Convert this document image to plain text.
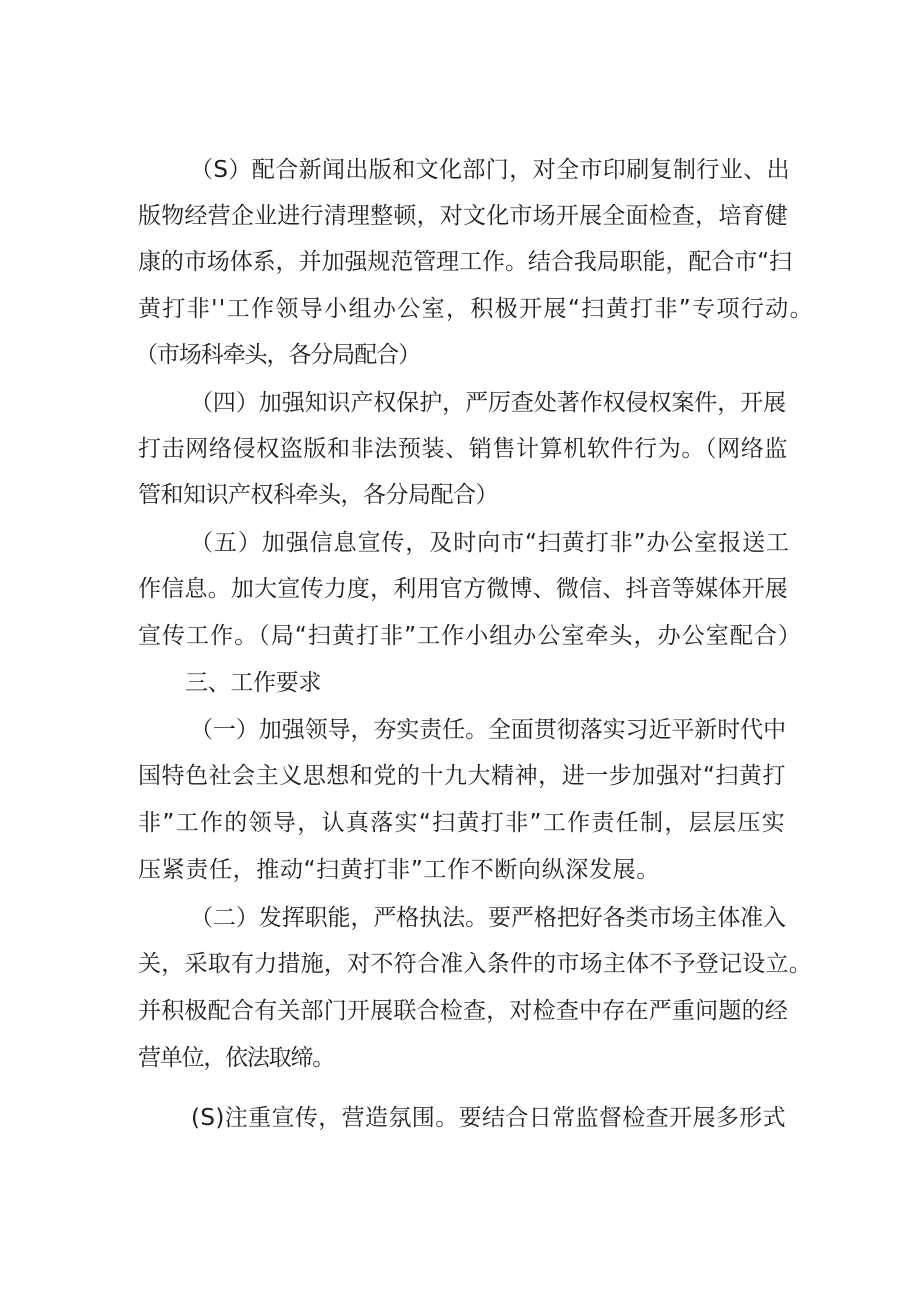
（S）配合新闻出版和文化部门，对全市印刷复制行业、出
版物经营企业进行清理整顿，对文化市场开展全面检查，培育健
康的市场体系，并加强规范管理工作。结合我局职能，配合市“扫
黄打非''工作领导小组办公室，积极开展“扫黄打非”专项行动。
（市场科牵头，各分局配合）
（四）加强知识产权保护，严厉查处著作权侵权案件，开展
打击网络侵权盗版和非法预装、销售计算机软件行为。（网络监
管和知识产权科牵头，各分局配合）
（五）加强信息宣传，及时向市“扫黄打非”办公室报送工
作信息。加大宣传力度，利用官方微博、微信、抖音等媒体开展
宣传工作。（局“扫黄打非”工作小组办公室牵头，办公室配合）
三、工作要求
（一）加强领导，夯实责任。全面贯彻落实习近平新时代中
国特色社会主义思想和党的十九大精神，进一步加强对“扫黄打
非”工作的领导，认真落实“扫黄打非”工作责任制，层层压实
压紧责任，推动“扫黄打非”工作不断向纵深发展。
（二）发挥职能，严格执法。要严格把好各类市场主体准入
关，采取有力措施，对不符合准入条件的市场主体不予登记设立。
并积极配合有关部门开展联合检查，对检查中存在严重问题的经
营单位，依法取缔。
(S)注重宣传，营造氛围。要结合日常监督检查开展多形式
